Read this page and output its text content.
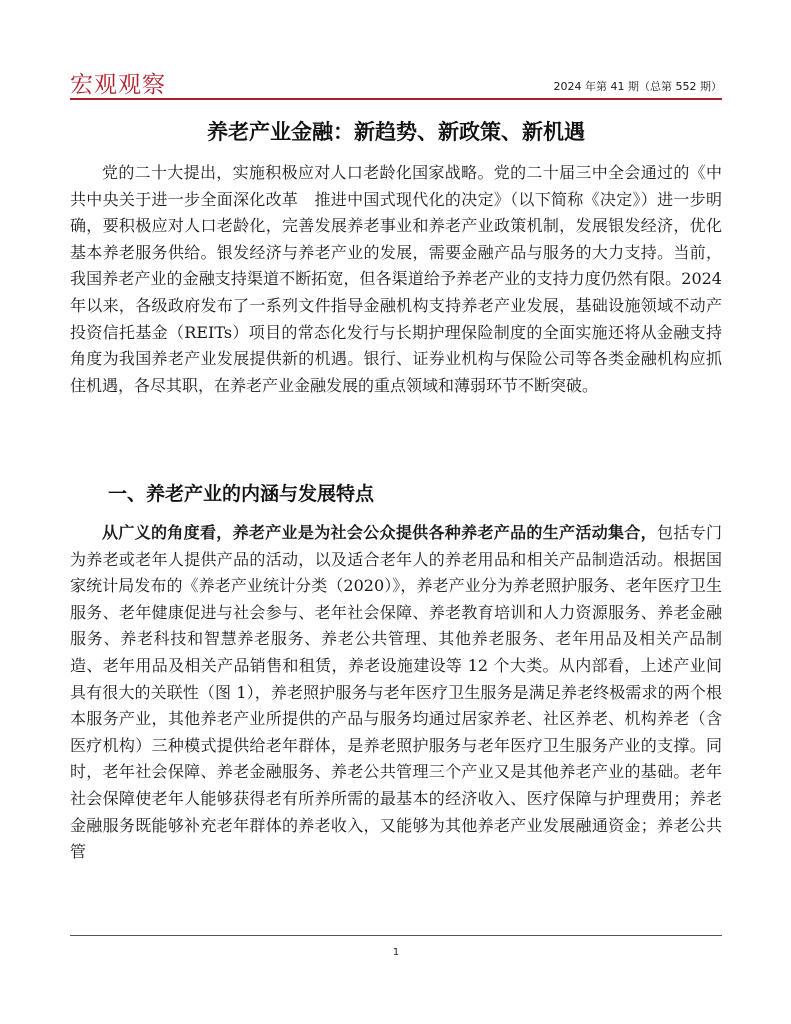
宏观观察	2024 年第 41 期（总第 552 期）
养老产业金融：新趋势、新政策、新机遇

党的二十大提出，实施积极应对人口老龄化国家战略。党的二十届三中全会通过的《中共中央关于进一步全面深化改革　推进中国式现代化的决定》（以下简称《决定》）进一步明确，要积极应对人口老龄化，完善发展养老事业和养老产业政策机制，发展银发经济，优化基本养老服务供给。银发经济与养老产业的发展，需要金融产品与服务的大力支持。当前，我国养老产业的金融支持渠道不断拓宽，但各渠道给予养老产业的支持力度仍然有限。2024 年以来，各级政府发布了一系列文件指导金融机构支持养老产业发展，基础设施领域不动产投资信托基金（REITs）项目的常态化发行与长期护理保险制度的全面实施还将从金融支持角度为我国养老产业发展提供新的机遇。银行、证券业机构与保险公司等各类金融机构应抓住机遇，各尽其职，在养老产业金融发展的重点领域和薄弱环节不断突破。

一、养老产业的内涵与发展特点

从广义的角度看，养老产业是为社会公众提供各种养老产品的生产活动集合，包括专门为养老或老年人提供产品的活动，以及适合老年人的养老用品和相关产品制造活动。根据国家统计局发布的《养老产业统计分类（2020）》，养老产业分为养老照护服务、老年医疗卫生服务、老年健康促进与社会参与、老年社会保障、养老教育培训和人力资源服务、养老金融服务、养老科技和智慧养老服务、养老公共管理、其他养老服务、老年用品及相关产品制造、老年用品及相关产品销售和租赁，养老设施建设等 12 个大类。从内部看，上述产业间具有很大的关联性（图 1），养老照护服务与老年医疗卫生服务是满足养老终极需求的两个根本服务产业，其他养老产业所提供的产品与服务均通过居家养老、社区养老、机构养老（含医疗机构）三种模式提供给老年群体，是养老照护服务与老年医疗卫生服务产业的支撑。同时，老年社会保障、养老金融服务、养老公共管理三个产业又是其他养老产业的基础。老年社会保障使老年人能够获得老有所养所需的最基本的经济收入、医疗保障与护理费用；养老金融服务既能够补充老年群体的养老收入，又能够为其他养老产业发展融通资金；养老公共管

1
